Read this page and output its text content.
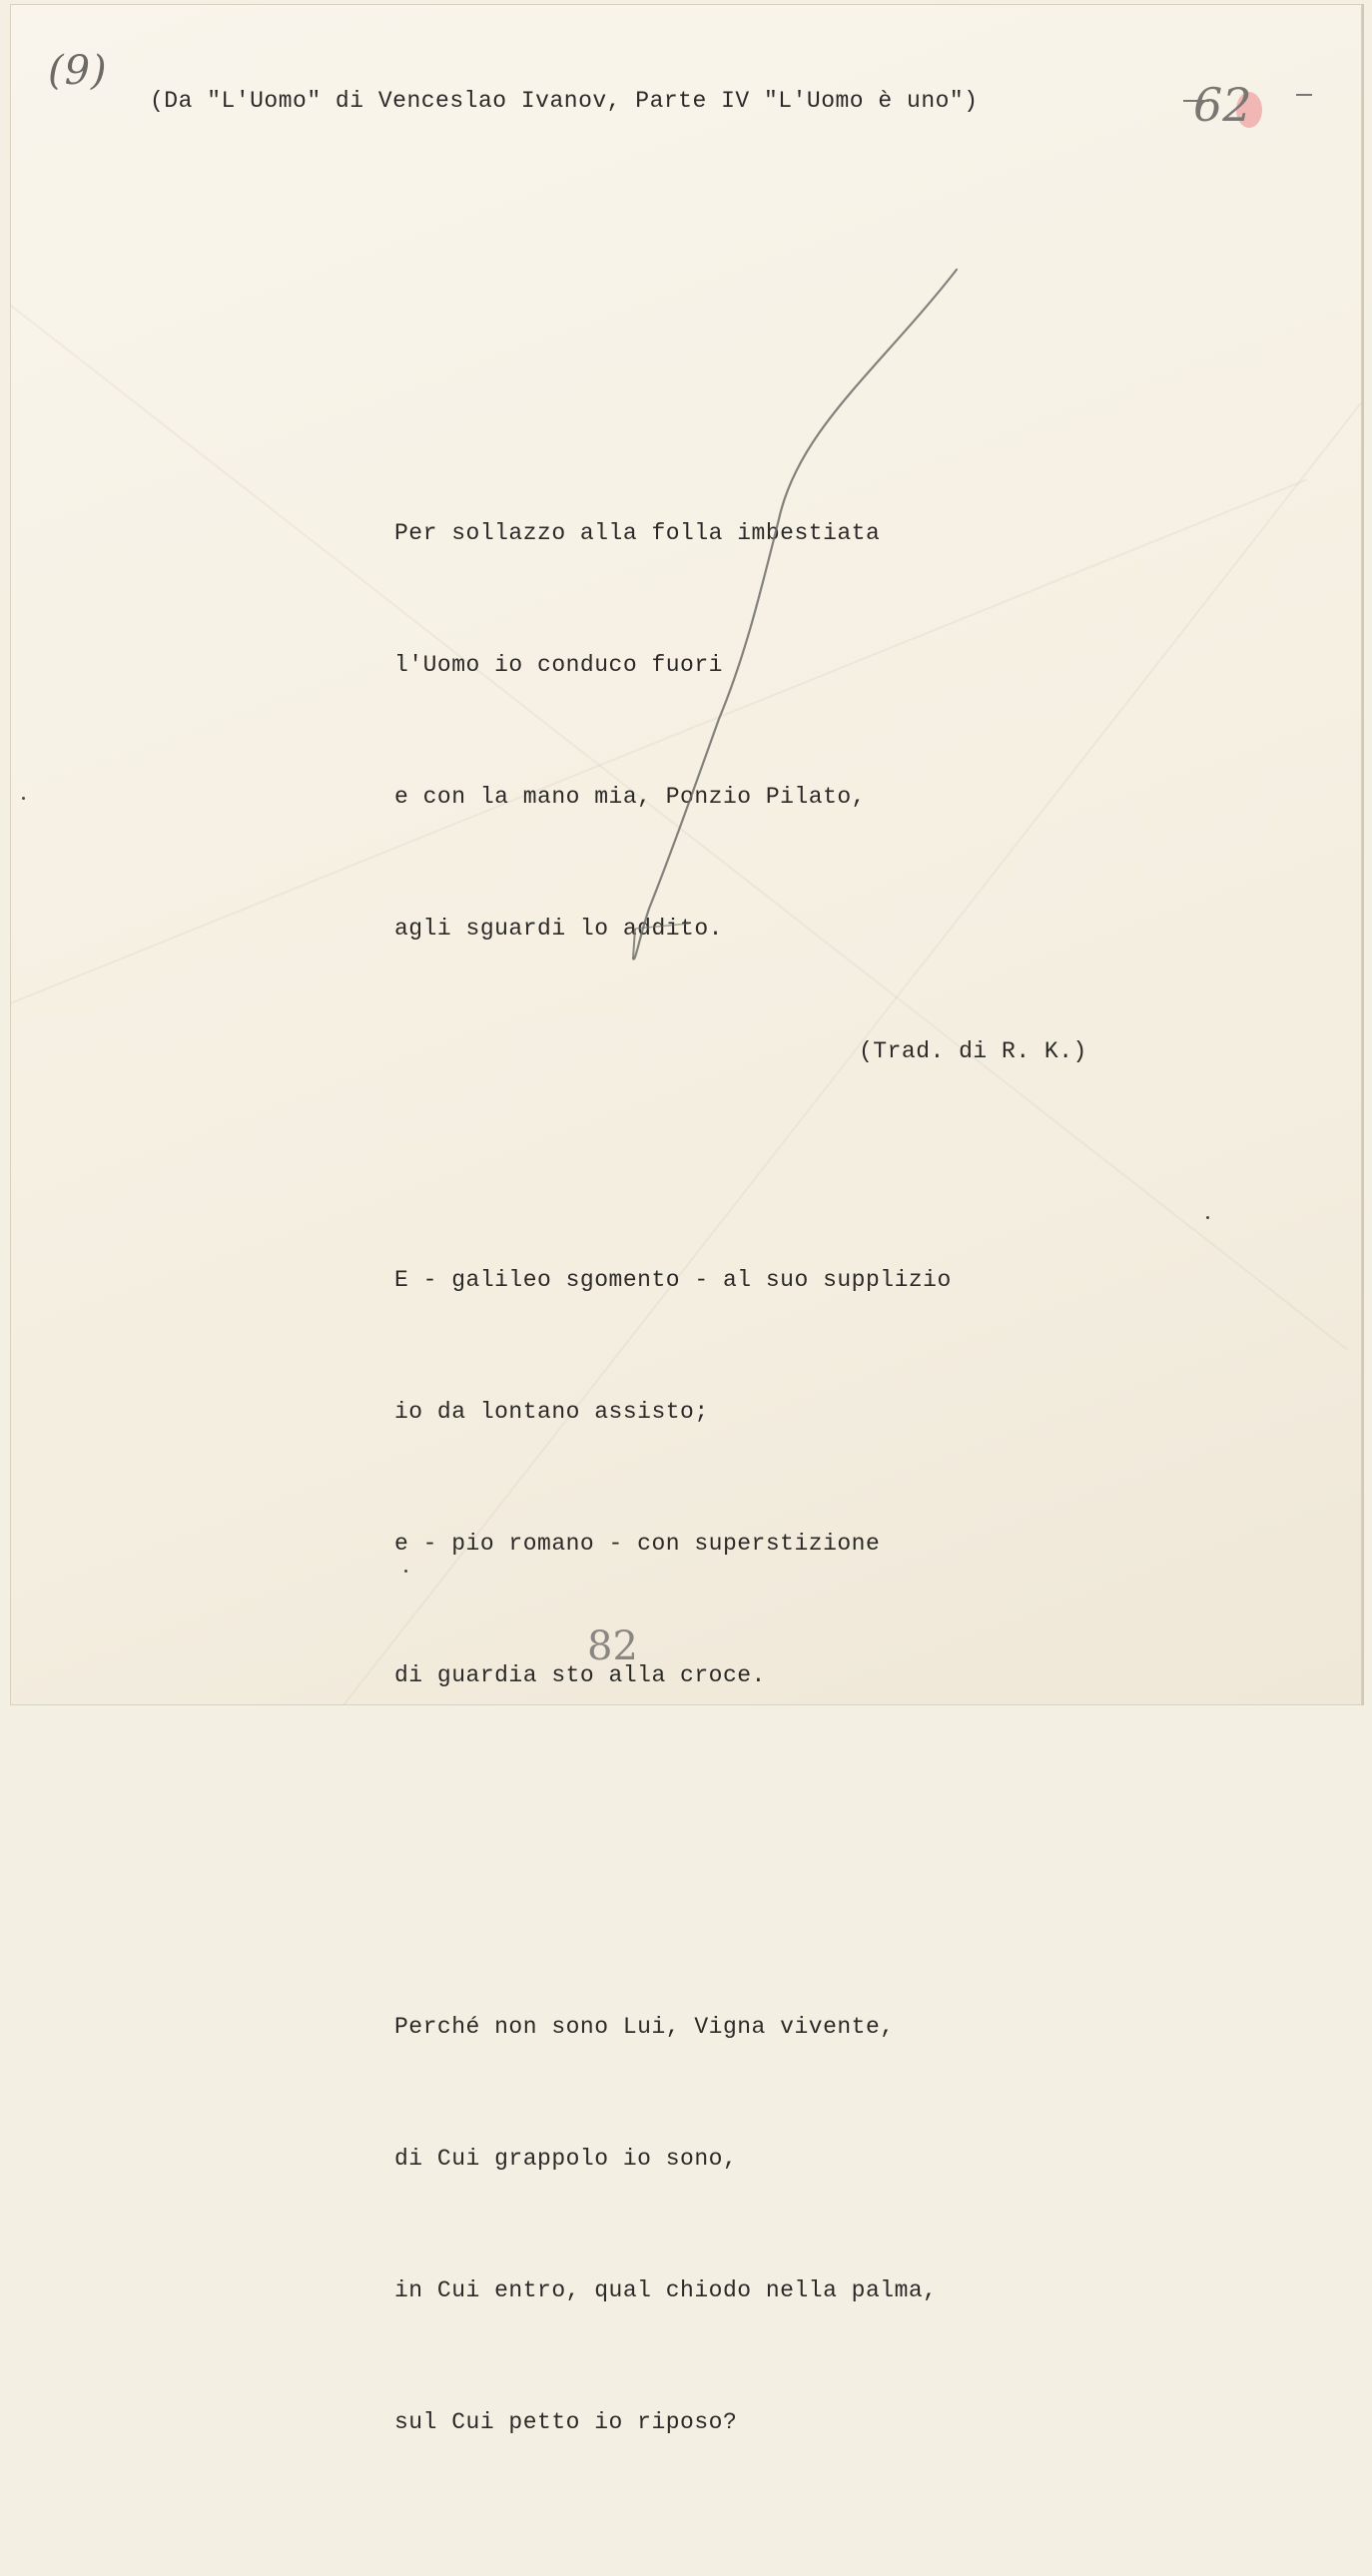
(9)
62
(Da "L'Uomo" di Venceslao Ivanov, Parte IV "L'Uomo è uno")

Per sollazzo alla folla imbestiata

l'Uomo io conduco fuori

e con la mano mia, Ponzio Pilato,

agli sguardi lo addito.

E - galileo sgomento - al suo supplizio

io da lontano assisto;

e - pio romano - con superstizione

di guardia sto alla croce.

Perché non sono Lui, Vigna vivente,

di Cui grappolo io sono,

in Cui entro, qual chiodo nella palma,

sul Cui petto io riposo?

(Trad. di R. K.)
82
